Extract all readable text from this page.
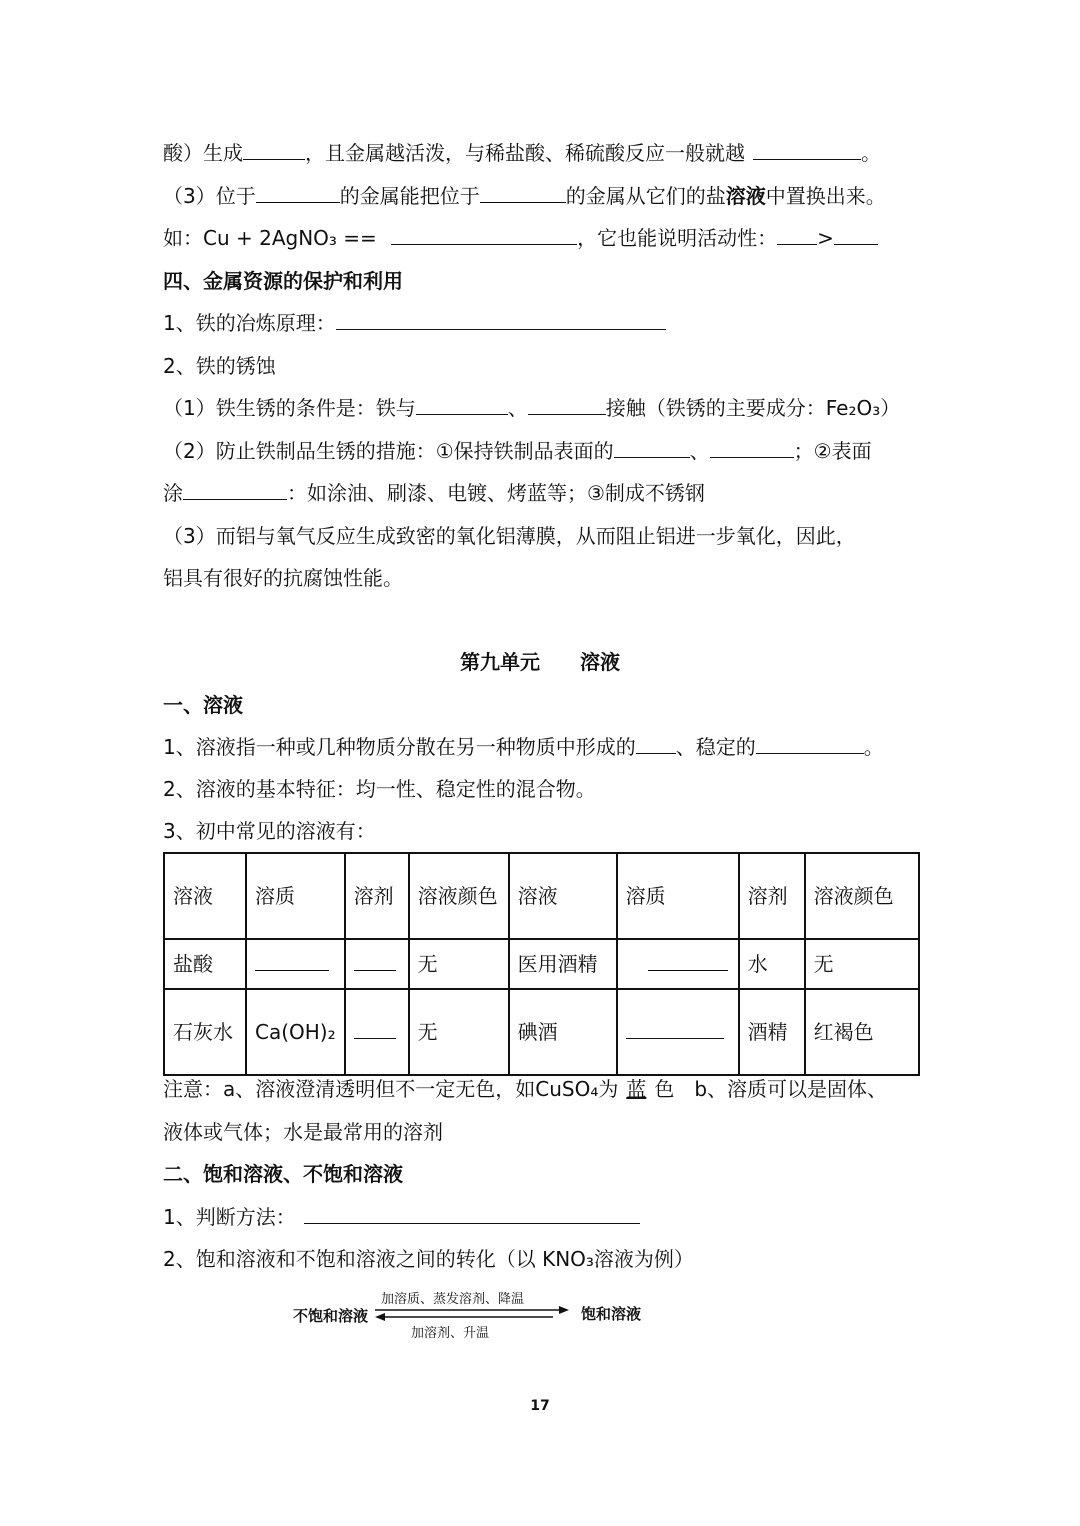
酸）生成	，且金属越活泼，与稀盐酸、稀硫酸反应一般就越	。
（3）位于	的金属能把位于	的金属从它们的盐溶液中置换出来。
如：Cu + 2AgNO₃ ==	，它也能说明活动性： >
四、金属资源的保护和利用
1、铁的冶炼原理：
2、铁的锈蚀
（1）铁生锈的条件是：铁与	、	接触（铁锈的主要成分：Fe₂O₃）
（2）防止铁制品生锈的措施：①保持铁制品表面的	、	；②表面
涂	：如涂油、刷漆、电镀、烤蓝等；③制成不锈钢
（3）而铝与氧气反应生成致密的氧化铝薄膜，从而阻止铝进一步氧化，因此，
铝具有很好的抗腐蚀性能。
第九单元　　溶液
一、溶液
1、溶液指一种或几种物质分散在另一种物质中形成的 、稳定的	。
2、溶液的基本特征：均一性、稳定性的混合物。
3、初中常见的溶液有：
溶液	溶质	溶剂	溶液颜色	溶液	溶质	溶剂	溶液颜色
盐酸			无	医用酒精		水	无
石灰水	Ca(OH)₂		无	碘酒		酒精	红褐色
注意：a、溶液澄清透明但不一定无色，如CuSO₄为 蓝 色　b、溶质可以是固体、
液体或气体；水是最常用的溶剂
二、饱和溶液、不饱和溶液
1、判断方法：
2、饱和溶液和不饱和溶液之间的转化（以 KNO₃溶液为例）
不饱和溶液
加溶质、蒸发溶剂、降温
加溶剂、升温
饱和溶液
17
